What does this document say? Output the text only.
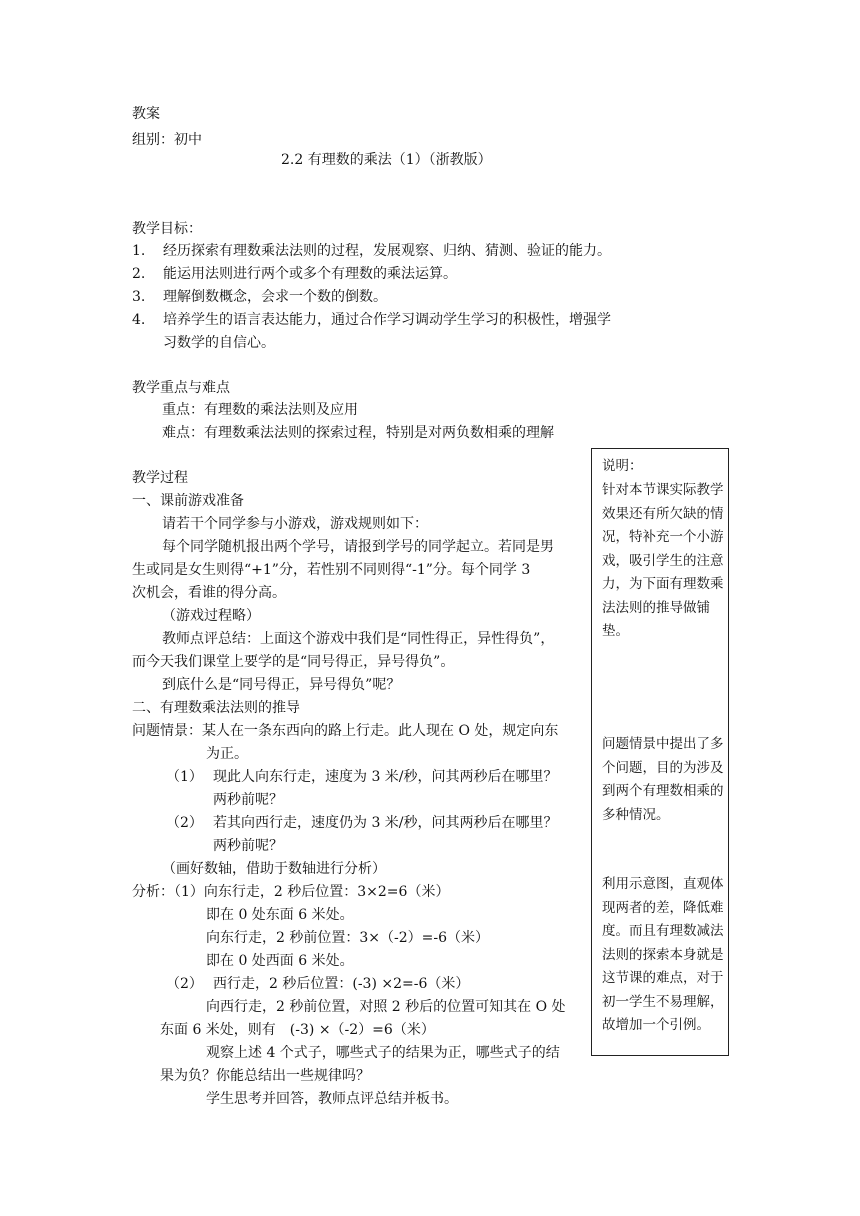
教案
组别：初中
2.2 有理数的乘法（1）（浙教版）
教学目标：
1. 经历探索有理数乘法法则的过程，发展观察、归纳、猜测、验证的能力。
2. 能运用法则进行两个或多个有理数的乘法运算。
3. 理解倒数概念，会求一个数的倒数。
4. 培养学生的语言表达能力，通过合作学习调动学生学习的积极性，增强学
习数学的自信心。
教学重点与难点
重点：有理数的乘法法则及应用
难点：有理数乘法法则的探索过程，特别是对两负数相乘的理解
教学过程
一、课前游戏准备
请若干个同学参与小游戏，游戏规则如下：
每个同学随机报出两个学号，请报到学号的同学起立。若同是男
生或同是女生则得“+1”分，若性别不同则得“-1”分。每个同学 3
次机会，看谁的得分高。
（游戏过程略）
教师点评总结：上面这个游戏中我们是“同性得正，异性得负”，
而今天我们课堂上要学的是“同号得正，异号得负”。
到底什么是“同号得正，异号得负”呢？
二、有理数乘法法则的推导
问题情景：某人在一条东西向的路上行走。此人现在 O 处，规定向东
为正。
（1） 现此人向东行走，速度为 3 米/秒，问其两秒后在哪里？
两秒前呢？
（2） 若其向西行走，速度仍为 3 米/秒，问其两秒后在哪里？
两秒前呢？
（画好数轴，借助于数轴进行分析）
分析：（1）向东行走，2 秒后位置：3×2=6（米）
即在 0 处东面 6 米处。
向东行走，2 秒前位置：3×（-2）=-6（米）
即在 0 处西面 6 米处。
（2） 西行走，2 秒后位置：(-3) ×2=-6（米）
向西行走，2 秒前位置，对照 2 秒后的位置可知其在 O 处
东面 6 米处，则有　(-3) ×（-2）=6（米）
观察上述 4 个式子，哪些式子的结果为正，哪些式子的结
果为负？你能总结出一些规律吗？
学生思考并回答，教师点评总结并板书。
说明：
针对本节课实际教学效果还有所欠缺的情况，特补充一个小游戏，吸引学生的注意力，为下面有理数乘法法则的推导做铺垫。
问题情景中提出了多个问题，目的为涉及到两个有理数相乘的多种情况。
利用示意图，直观体现两者的差，降低难度。而且有理数减法法则的探索本身就是这节课的难点，对于初一学生不易理解，故增加一个引例。
